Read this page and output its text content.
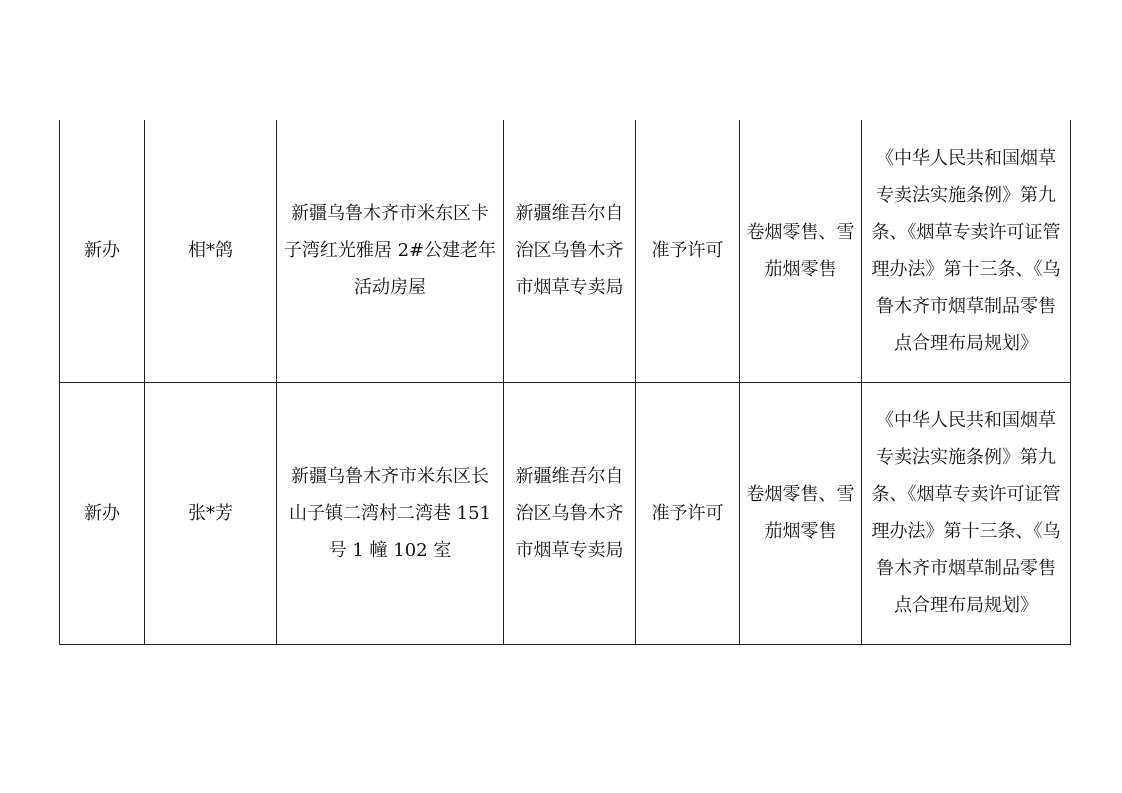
新办	相*鸽	新疆乌鲁木齐市米东区卡子湾红光雅居 2#公建老年活动房屋	新疆维吾尔自治区乌鲁木齐市烟草专卖局	准予许可	卷烟零售、雪茄烟零售	《中华人民共和国烟草专卖法实施条例》第九条、《烟草专卖许可证管理办法》第十三条、《乌鲁木齐市烟草制品零售点合理布局规划》
新办	张*芳	新疆乌鲁木齐市米东区长山子镇二湾村二湾巷 151 号 1 幢 102 室	新疆维吾尔自治区乌鲁木齐市烟草专卖局	准予许可	卷烟零售、雪茄烟零售	《中华人民共和国烟草专卖法实施条例》第九条、《烟草专卖许可证管理办法》第十三条、《乌鲁木齐市烟草制品零售点合理布局规划》
